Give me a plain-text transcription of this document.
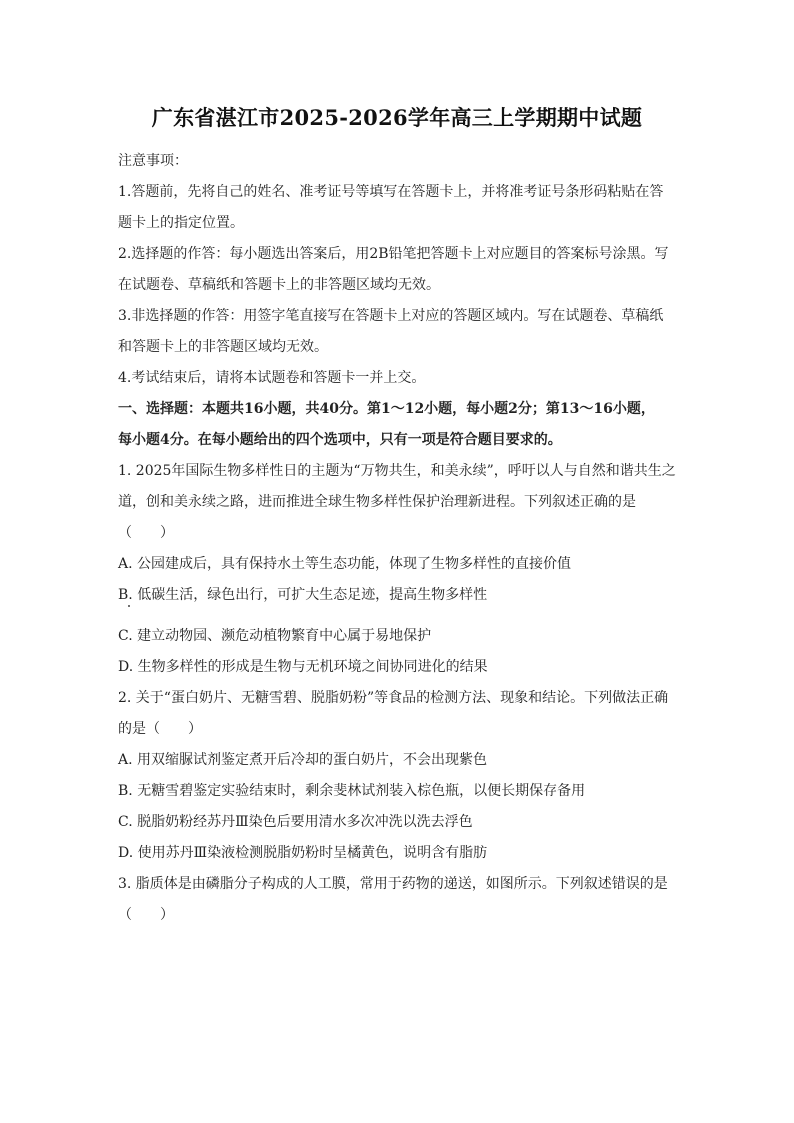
广东省湛江市2025-2026学年高三上学期期中试题

注意事项：

1.答题前，先将自己的姓名、准考证号等填写在答题卡上，并将准考证号条形码粘贴在答

题卡上的指定位置。

2.选择题的作答：每小题选出答案后，用2B铅笔把答题卡上对应题目的答案标号涂黑。写

在试题卷、草稿纸和答题卡上的非答题区域均无效。

3.非选择题的作答：用签字笔直接写在答题卡上对应的答题区域内。写在试题卷、草稿纸

和答题卡上的非答题区域均无效。

4.考试结束后，请将本试题卷和答题卡一并上交。

一、选择题：本题共16小题，共40分。第1～12小题，每小题2分；第13～16小题，

每小题4分。在每小题给出的四个选项中，只有一项是符合题目要求的。

1. 2025年国际生物多样性日的主题为“万物共生，和美永续”，呼吁以人与自然和谐共生之

道，创和美永续之路，进而推进全球生物多样性保护治理新进程。下列叙述正确的是

（　　）

A. 公园建成后，具有保持水土等生态功能，体现了生物多样性的直接价值

B. 低碳生活，绿色出行，可扩大生态足迹，提高生物多样性

C. 建立动物园、濒危动植物繁育中心属于易地保护

D. 生物多样性的形成是生物与无机环境之间协同进化的结果

2. 关于“蛋白奶片、无糖雪碧、脱脂奶粉”等食品的检测方法、现象和结论。下列做法正确

的是（　　）

A. 用双缩脲试剂鉴定煮开后冷却的蛋白奶片，不会出现紫色

B. 无糖雪碧鉴定实验结束时，剩余斐林试剂装入棕色瓶，以便长期保存备用

C. 脱脂奶粉经苏丹Ⅲ染色后要用清水多次冲洗以洗去浮色

D. 使用苏丹Ⅲ染液检测脱脂奶粉时呈橘黄色，说明含有脂肪

3. 脂质体是由磷脂分子构成的人工膜，常用于药物的递送，如图所示。下列叙述错误的是

（　　）
